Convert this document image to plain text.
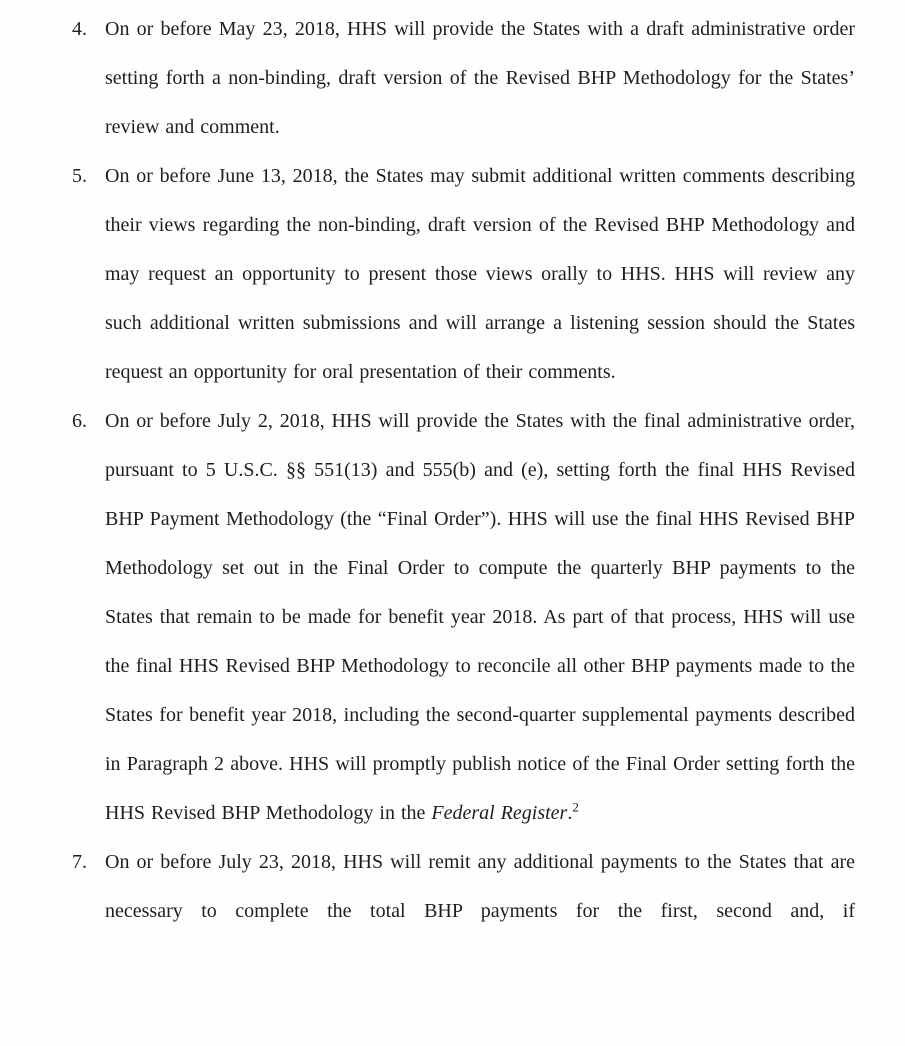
4. On or before May 23, 2018, HHS will provide the States with a draft administrative order setting forth a non-binding, draft version of the Revised BHP Methodology for the States’ review and comment.
5. On or before June 13, 2018, the States may submit additional written comments describing their views regarding the non-binding, draft version of the Revised BHP Methodology and may request an opportunity to present those views orally to HHS. HHS will review any such additional written submissions and will arrange a listening session should the States request an opportunity for oral presentation of their comments.
6. On or before July 2, 2018, HHS will provide the States with the final administrative order, pursuant to 5 U.S.C. §§ 551(13) and 555(b) and (e), setting forth the final HHS Revised BHP Payment Methodology (the “Final Order”). HHS will use the final HHS Revised BHP Methodology set out in the Final Order to compute the quarterly BHP payments to the States that remain to be made for benefit year 2018. As part of that process, HHS will use the final HHS Revised BHP Methodology to reconcile all other BHP payments made to the States for benefit year 2018, including the second-quarter supplemental payments described in Paragraph 2 above. HHS will promptly publish notice of the Final Order setting forth the HHS Revised BHP Methodology in the Federal Register.$^2$
7. On or before July 23, 2018, HHS will remit any additional payments to the States that are necessary to complete the total BHP payments for the first, second and, if
